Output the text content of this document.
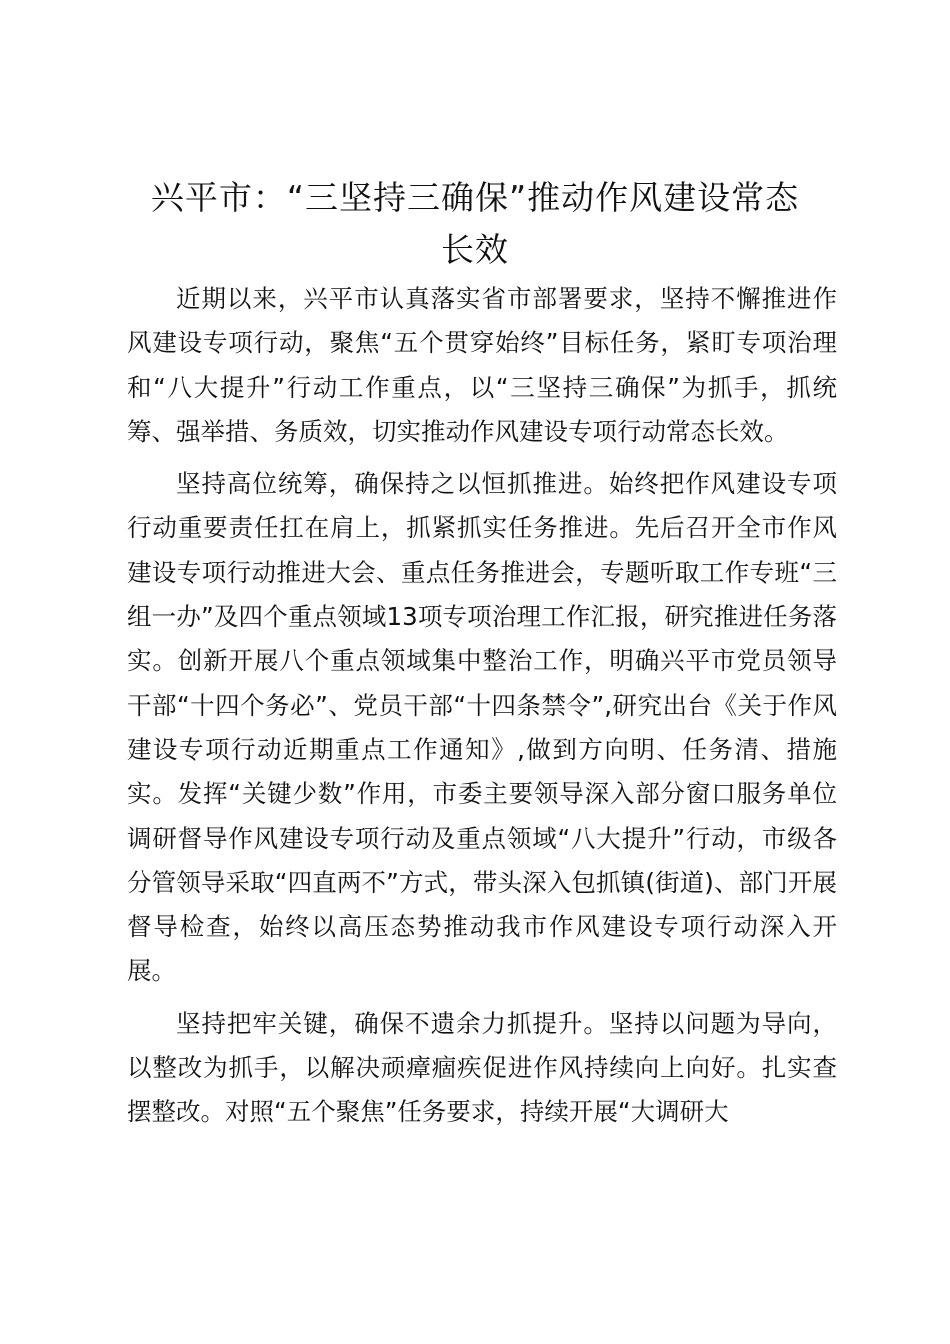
兴平市：“三坚持三确保”推动作风建设常态
长效

近期以来，兴平市认真落实省市部署要求，坚持不懈推进作风建设专项行动，聚焦“五个贯穿始终”目标任务，紧盯专项治理和“八大提升”行动工作重点，以“三坚持三确保”为抓手，抓统筹、强举措、务质效，切实推动作风建设专项行动常态长效。

坚持高位统筹，确保持之以恒抓推进。始终把作风建设专项行动重要责任扛在肩上，抓紧抓实任务推进。先后召开全市作风建设专项行动推进大会、重点任务推进会，专题听取工作专班“三组一办”及四个重点领域13项专项治理工作汇报，研究推进任务落实。创新开展八个重点领域集中整治工作，明确兴平市党员领导干部“十四个务必”、党员干部“十四条禁令”,研究出台《关于作风建设专项行动近期重点工作通知》,做到方向明、任务清、措施实。发挥“关键少数”作用，市委主要领导深入部分窗口服务单位调研督导作风建设专项行动及重点领域“八大提升”行动，市级各分管领导采取“四直两不”方式，带头深入包抓镇(街道)、部门开展督导检查，始终以高压态势推动我市作风建设专项行动深入开展。

坚持把牢关键，确保不遗余力抓提升。坚持以问题为导向，以整改为抓手，以解决顽瘴痼疾促进作风持续向上向好。扎实查摆整改。对照“五个聚焦”任务要求，持续开展“大调研大
